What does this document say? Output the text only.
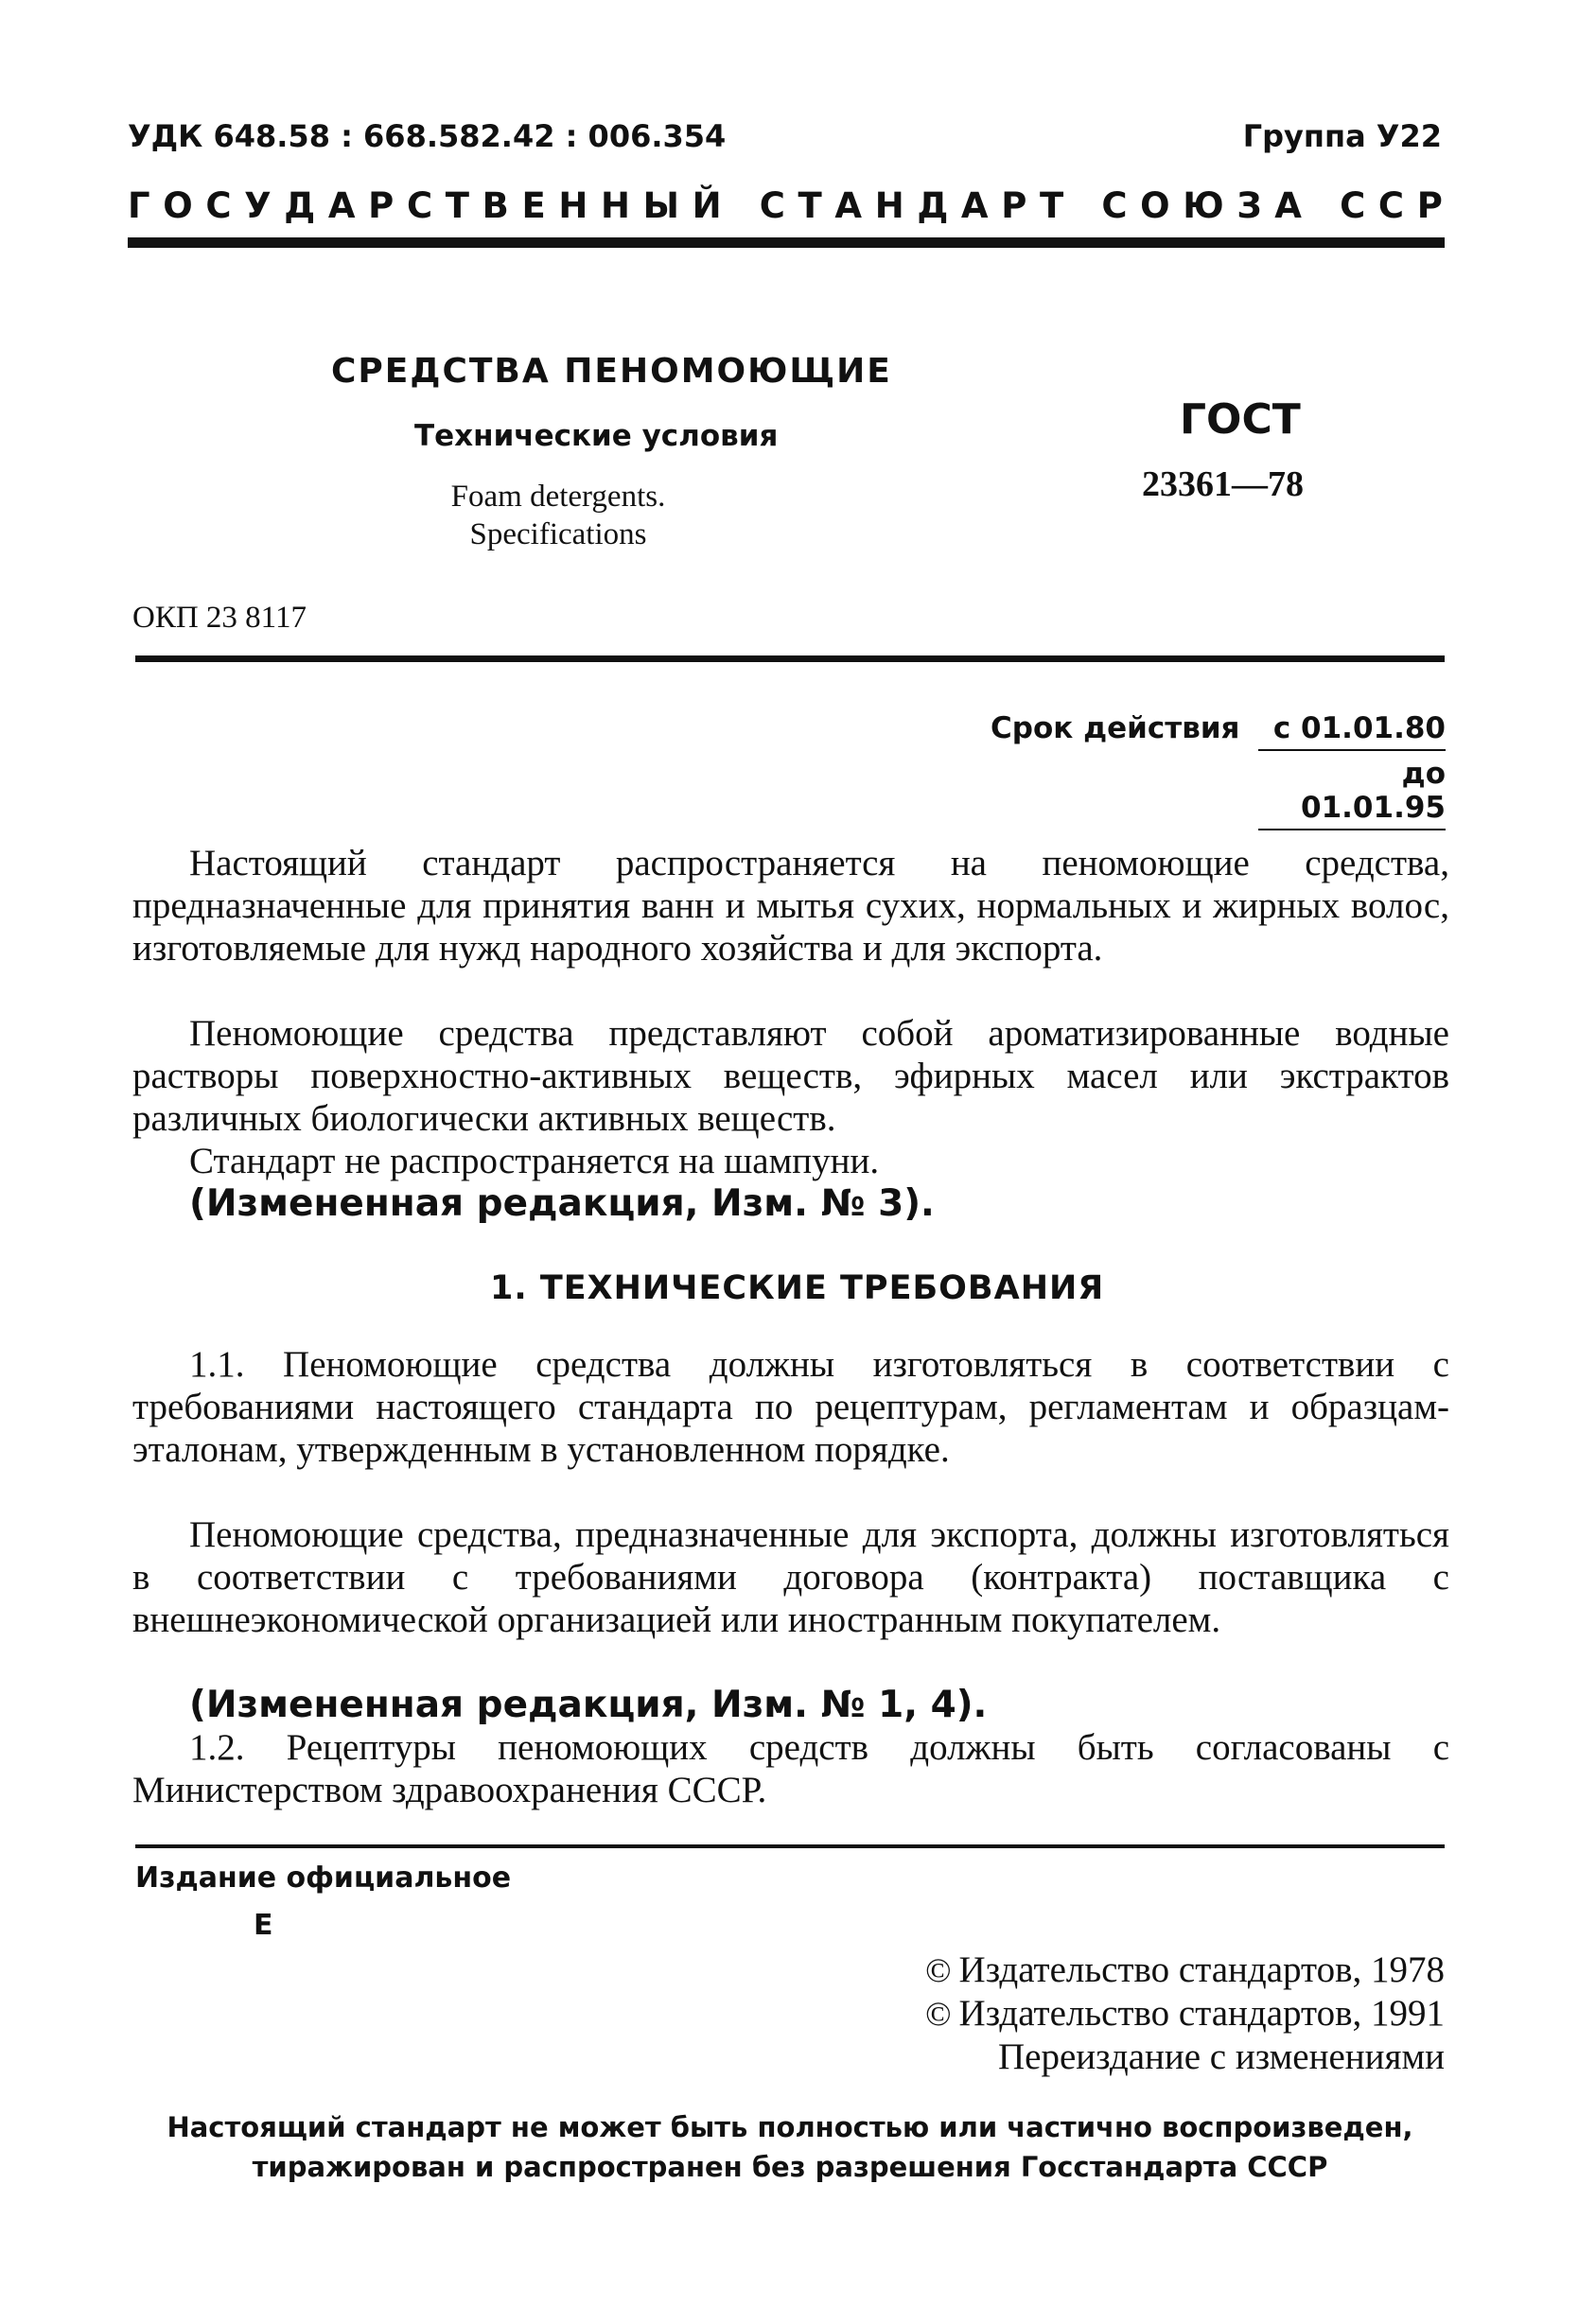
УДК 648.58 : 668.582.42 : 006.354	Группа У22
Г О С У Д А Р С Т В Е Н Н Ы Й
С Т А Н Д А Р Т
С О Ю З А
С С Р
СРЕДСТВА ПЕНОМОЮЩИЕ
Технические условия
Foam detergents.
Specifications
ГОСТ
23361—78
ОКП 23 8117
Срок действия	с 01.01.80
до 01.01.95

Настоящий стандарт распространяется на пеномоющие средства, предназначенные для принятия ванн и мытья сухих, нормальных и жирных волос, изготовляемые для нужд народного хозяйства и для экспорта.

Пеномоющие средства представляют собой ароматизированные водные растворы поверхностно-активных веществ, эфирных масел или экстрактов различных биологически активных веществ.

Стандарт не распространяется на шампуни.

(Измененная редакция, Изм. № 3).

1. ТЕХНИЧЕСКИЕ ТРЕБОВАНИЯ

1.1. Пеномоющие средства должны изготовляться в соответствии с требованиями настоящего стандарта по рецептурам, регламентам и образцам-эталонам, утвержденным в установленном порядке.

Пеномоющие средства, предназначенные для экспорта, должны изготовляться в соответствии с требованиями договора (контракта) поставщика с внешнеэкономической организацией или иностранным покупателем.

(Измененная редакция, Изм. № 1, 4).

1.2. Рецептуры пеномоющих средств должны быть согласованы с Министерством здравоохранения СССР.

Издание официальное
Е
© Издательство стандартов, 1978
© Издательство стандартов, 1991
Переиздание с изменениями
Настоящий стандарт не может быть полностью или частично воспроизведен,
тиражирован и распространен без разрешения Госстандарта СССР
